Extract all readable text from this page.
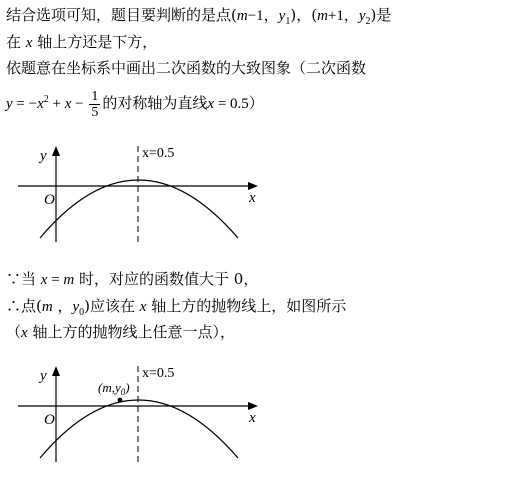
结合选项可知，题目要判断的是点(m−1，$y_1$)，(m+1，$y_2$)是
在 x 轴上方还是下方，
依题意在坐标系中画出二次函数的大致图象（二次函数
$y = -x^2 + x - \frac{1}{5}$ 的对称轴为直线x = 0.5）
y
x
O
x=0.5
∵当 x = m 时，对应的函数值大于 0，
∴点(m ，$y_0$)应该在 x 轴上方的抛物线上，如图所示
（x 轴上方的抛物线上任意一点），
y
x
O
x=0.5
$(m,y_0)$
